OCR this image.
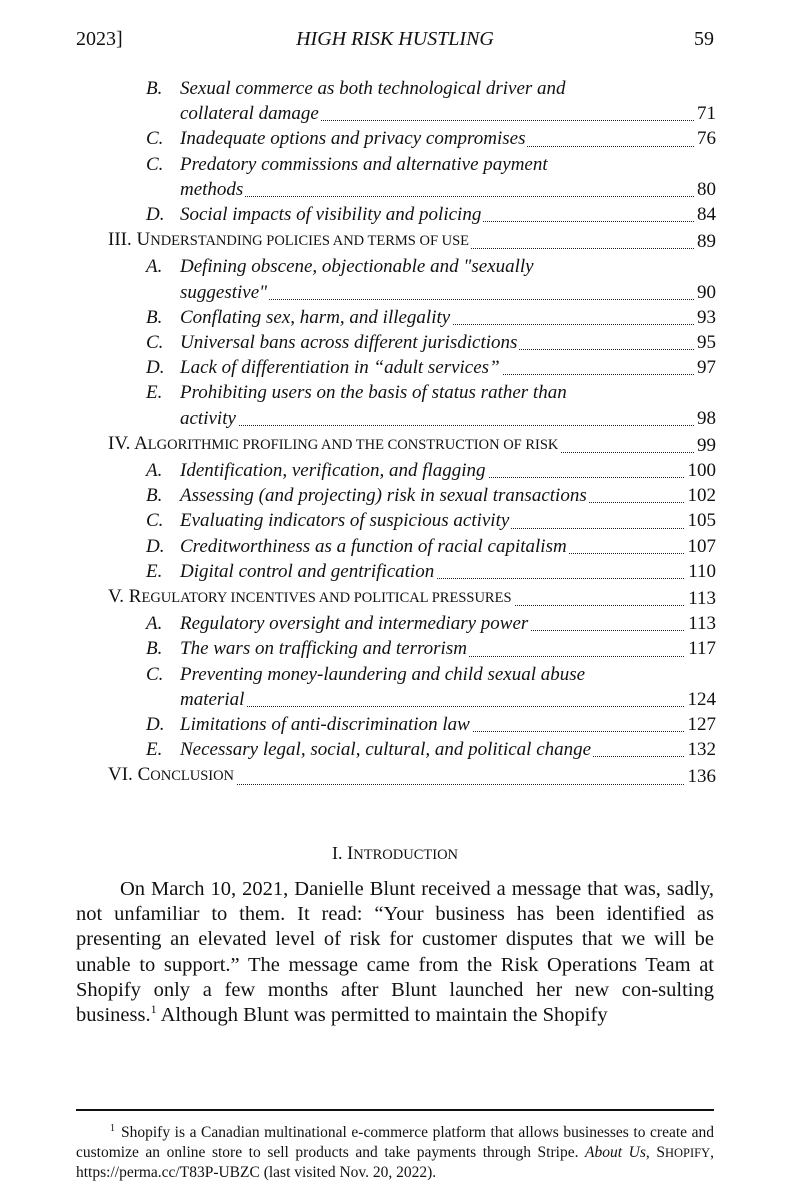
2023]	HIGH RISK HUSTLING	59
B. Sexual commerce as both technological driver and
collateral damage	71
C. Inadequate options and privacy compromises	76
C. Predatory commissions and alternative payment
methods	80
D. Social impacts of visibility and policing	84
III. UNDERSTANDING POLICIES AND TERMS OF USE	89
A. Defining obscene, objectionable and "sexually
suggestive"	90
B. Conflating sex, harm, and illegality	93
C. Universal bans across different jurisdictions	95
D. Lack of differentiation in “adult services”	97
E. Prohibiting users on the basis of status rather than
activity	98
IV. ALGORITHMIC PROFILING AND THE CONSTRUCTION OF RISK	99
A. Identification, verification, and flagging	100
B. Assessing (and projecting) risk in sexual transactions	102
C. Evaluating indicators of suspicious activity	105
D. Creditworthiness as a function of racial capitalism	107
E. Digital control and gentrification	110
V. REGULATORY INCENTIVES AND POLITICAL PRESSURES	113
A. Regulatory oversight and intermediary power	113
B. The wars on trafficking and terrorism	117
C. Preventing money-laundering and child sexual abuse
material	124
D. Limitations of anti-discrimination law	127
E. Necessary legal, social, cultural, and political change	132
VI. CONCLUSION	136
I. INTRODUCTION

On March 10, 2021, Danielle Blunt received a message that was, sadly, not unfamiliar to them. It read: “Your business has been identified as presenting an elevated level of risk for customer disputes that we will be unable to support.” The message came from the Risk Operations Team at Shopify only a few months after Blunt launched her new con-sulting business.$^1$ Although Blunt was permitted to maintain the Shopify

$^1$ Shopify is a Canadian multinational e-commerce platform that allows businesses to create and customize an online store to sell products and take payments through Stripe. About Us, SHOPIFY, https://perma.cc/T83P-UBZC (last visited Nov. 20, 2022).
